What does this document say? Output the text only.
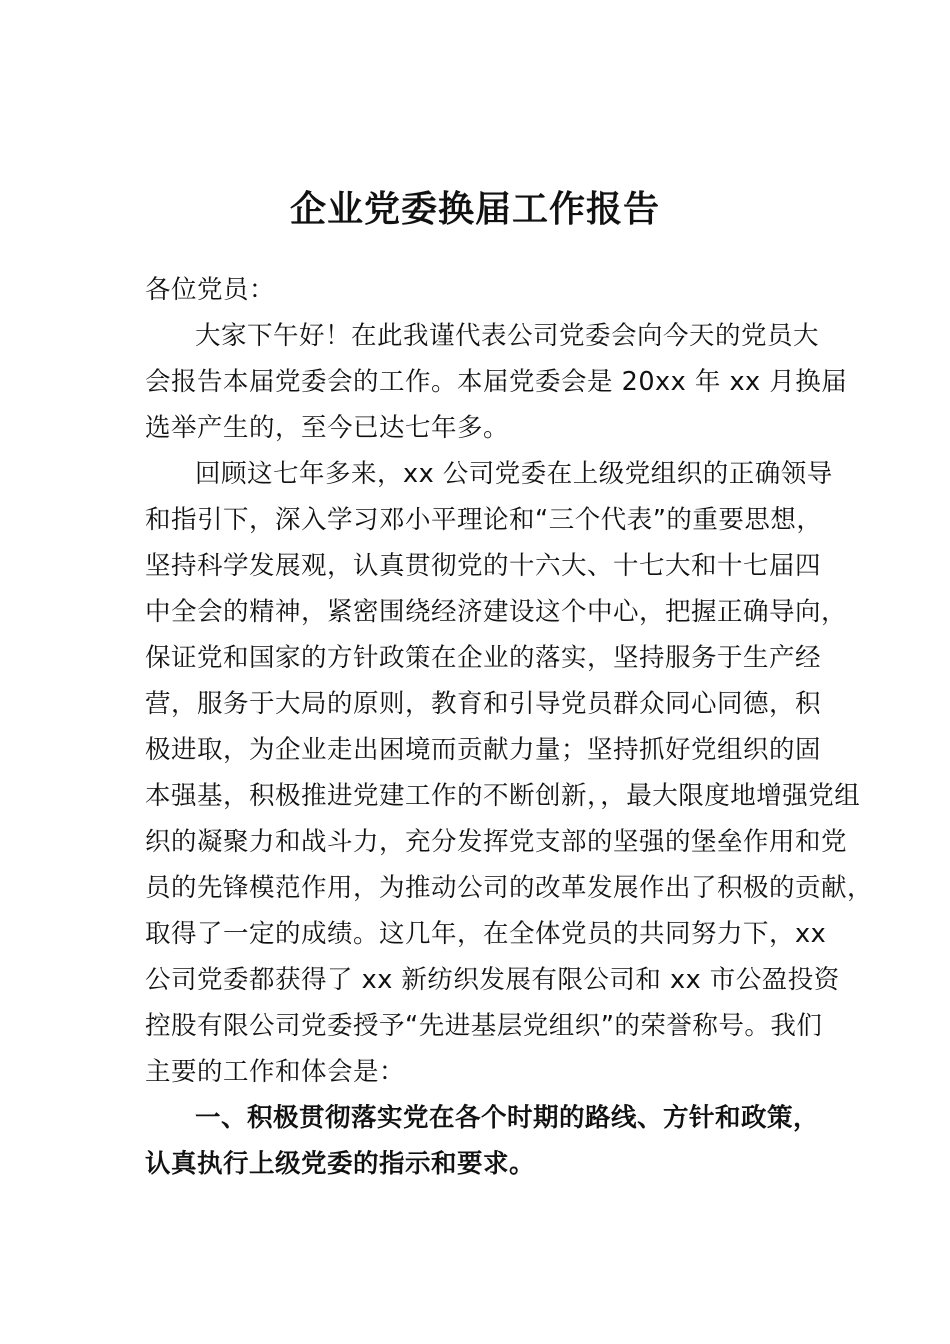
企业党委换届工作报告
各位党员：
大家下午好！在此我谨代表公司党委会向今天的党员大
会报告本届党委会的工作。本届党委会是 20xx 年 xx 月换届
选举产生的，至今已达七年多。
回顾这七年多来，xx 公司党委在上级党组织的正确领导
和指引下，深入学习邓小平理论和“三个代表”的重要思想，
坚持科学发展观，认真贯彻党的十六大、十七大和十七届四
中全会的精神，紧密围绕经济建设这个中心，把握正确导向，
保证党和国家的方针政策在企业的落实，坚持服务于生产经
营，服务于大局的原则，教育和引导党员群众同心同德，积
极进取，为企业走出困境而贡献力量；坚持抓好党组织的固
本强基，积极推进党建工作的不断创新，，最大限度地增强党组
织的凝聚力和战斗力，充分发挥党支部的坚强的堡垒作用和党
员的先锋模范作用，为推动公司的改革发展作出了积极的贡献，
取得了一定的成绩。这几年，在全体党员的共同努力下，xx
公司党委都获得了 xx 新纺织发展有限公司和 xx 市公盈投资
控股有限公司党委授予“先进基层党组织”的荣誉称号。我们
主要的工作和体会是：
一、积极贯彻落实党在各个时期的路线、方针和政策，
认真执行上级党委的指示和要求。
